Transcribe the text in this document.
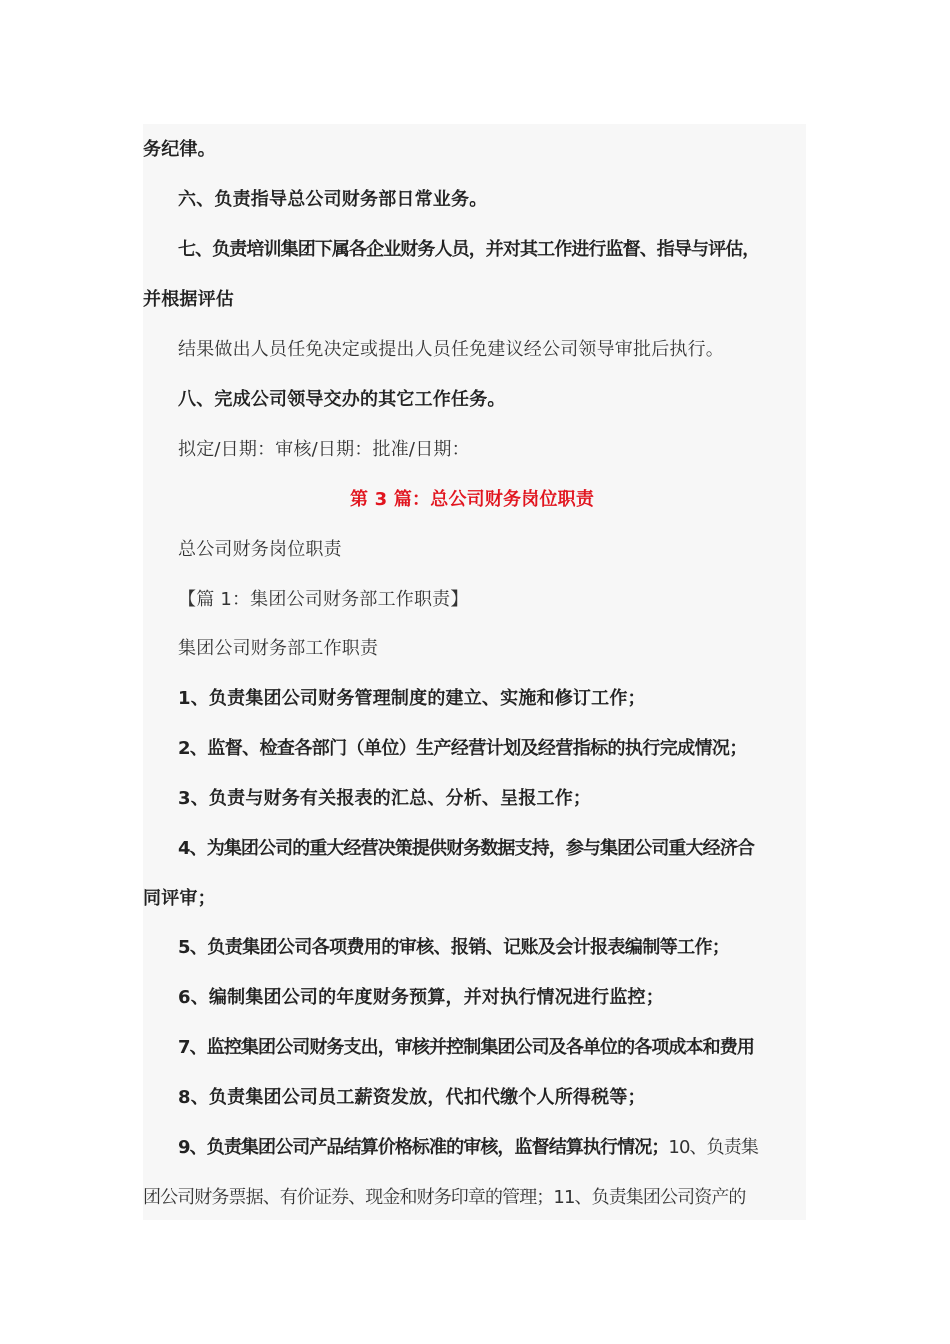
务纪律。
六、负责指导总公司财务部日常业务。
七、负责培训集团下属各企业财务人员，并对其工作进行监督、指导与评估，
并根据评估
结果做出人员任免决定或提出人员任免建议经公司领导审批后执行。
八、完成公司领导交办的其它工作任务。
拟定/日期：审核/日期：批准/日期：
第 3 篇：总公司财务岗位职责
总公司财务岗位职责
【篇 1：集团公司财务部工作职责】
集团公司财务部工作职责
1、负责集团公司财务管理制度的建立、实施和修订工作；
2、监督、检查各部门（单位）生产经营计划及经营指标的执行完成情况；
3、负责与财务有关报表的汇总、分析、呈报工作；
4、为集团公司的重大经营决策提供财务数据支持，参与集团公司重大经济合
同评审；
5、负责集团公司各项费用的审核、报销、记账及会计报表编制等工作；
6、编制集团公司的年度财务预算，并对执行情况进行监控；
7、监控集团公司财务支出，审核并控制集团公司及各单位的各项成本和费用
8、负责集团公司员工薪资发放，代扣代缴个人所得税等；
9、负责集团公司产品结算价格标准的审核，监督结算执行情况；10、负责集
团公司财务票据、有价证券、现金和财务印章的管理；11、负责集团公司资产的
